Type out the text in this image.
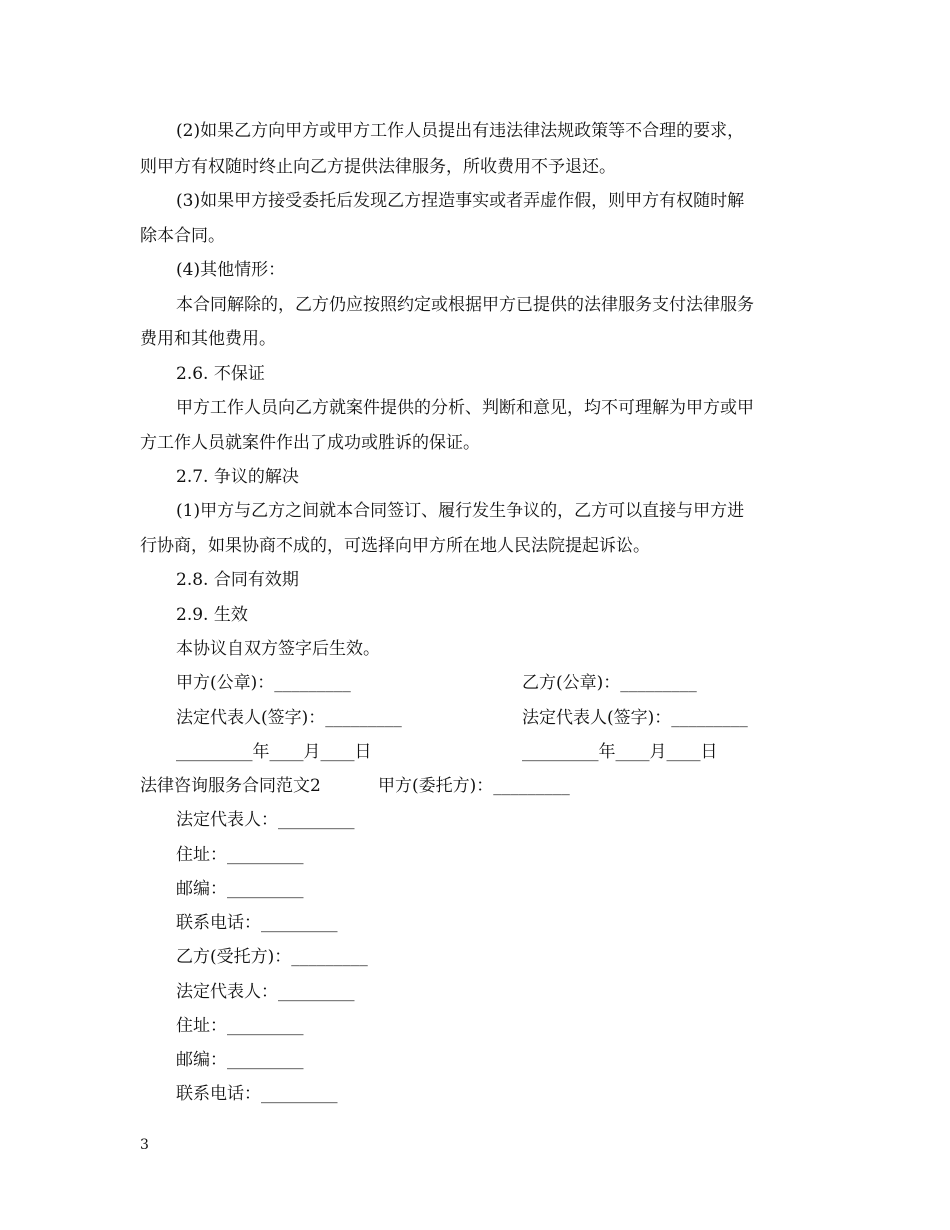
(2)如果乙方向甲方或甲方工作人员提出有违法律法规政策等不合理的要求，
则甲方有权随时终止向乙方提供法律服务，所收费用不予退还。
(3)如果甲方接受委托后发现乙方捏造事实或者弄虚作假，则甲方有权随时解
除本合同。
(4)其他情形：
本合同解除的，乙方仍应按照约定或根据甲方已提供的法律服务支付法律服务
费用和其他费用。
2.6. 不保证
甲方工作人员向乙方就案件提供的分析、判断和意见，均不可理解为甲方或甲
方工作人员就案件作出了成功或胜诉的保证。
2.7. 争议的解决
(1)甲方与乙方之间就本合同签订、履行发生争议的，乙方可以直接与甲方进
行协商，如果协商不成的，可选择向甲方所在地人民法院提起诉讼。
2.8. 合同有效期
2.9. 生效
本协议自双方签字后生效。
甲方(公章)：_________	乙方(公章)：_________
法定代表人(签字)：_________	法定代表人(签字)：_________
_________年____月____日	_________年____月____日
法律咨询服务合同范文2	甲方(委托方)：_________
法定代表人：_________
住址：_________
邮编：_________
联系电话：_________
乙方(受托方)：_________
法定代表人：_________
住址：_________
邮编：_________
联系电话：_________
3
